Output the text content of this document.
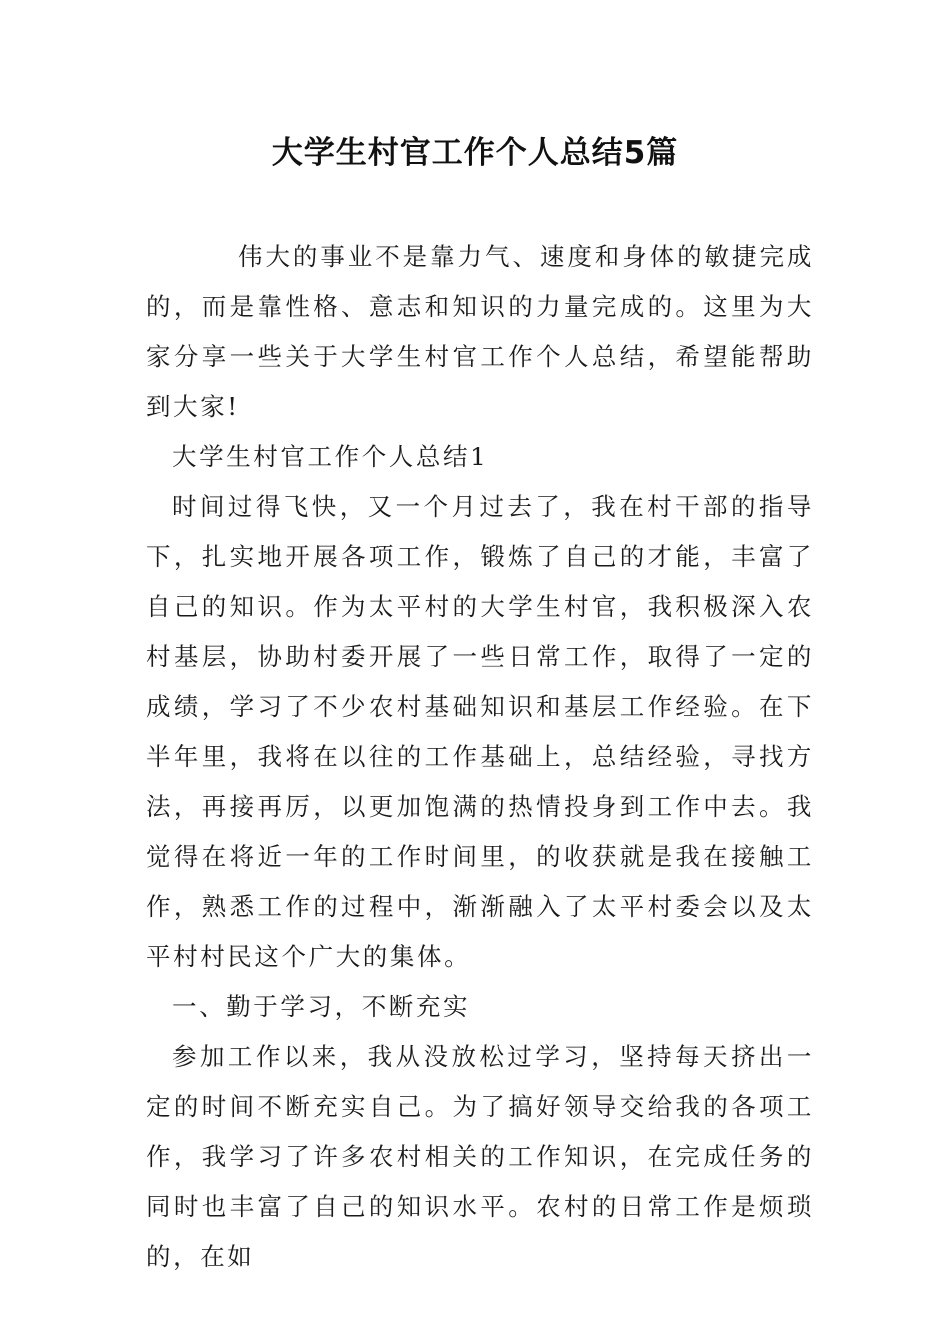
大学生村官工作个人总结5篇

伟大的事业不是靠力气、速度和身体的敏捷完成的，而是靠性格、意志和知识的力量完成的。这里为大家分享一些关于大学生村官工作个人总结，希望能帮助到大家!

大学生村官工作个人总结1

时间过得飞快，又一个月过去了，我在村干部的指导下，扎实地开展各项工作，锻炼了自己的才能，丰富了自己的知识。作为太平村的大学生村官，我积极深入农村基层，协助村委开展了一些日常工作，取得了一定的成绩，学习了不少农村基础知识和基层工作经验。在下半年里，我将在以往的工作基础上，总结经验，寻找方法，再接再厉，以更加饱满的热情投身到工作中去。我觉得在将近一年的工作时间里，的收获就是我在接触工作，熟悉工作的过程中，渐渐融入了太平村委会以及太平村村民这个广大的集体。

一、勤于学习，不断充实

参加工作以来，我从没放松过学习，坚持每天挤出一定的时间不断充实自己。为了搞好领导交给我的各项工作，我学习了许多农村相关的工作知识，在完成任务的同时也丰富了自己的知识水平。农村的日常工作是烦琐的，在如
